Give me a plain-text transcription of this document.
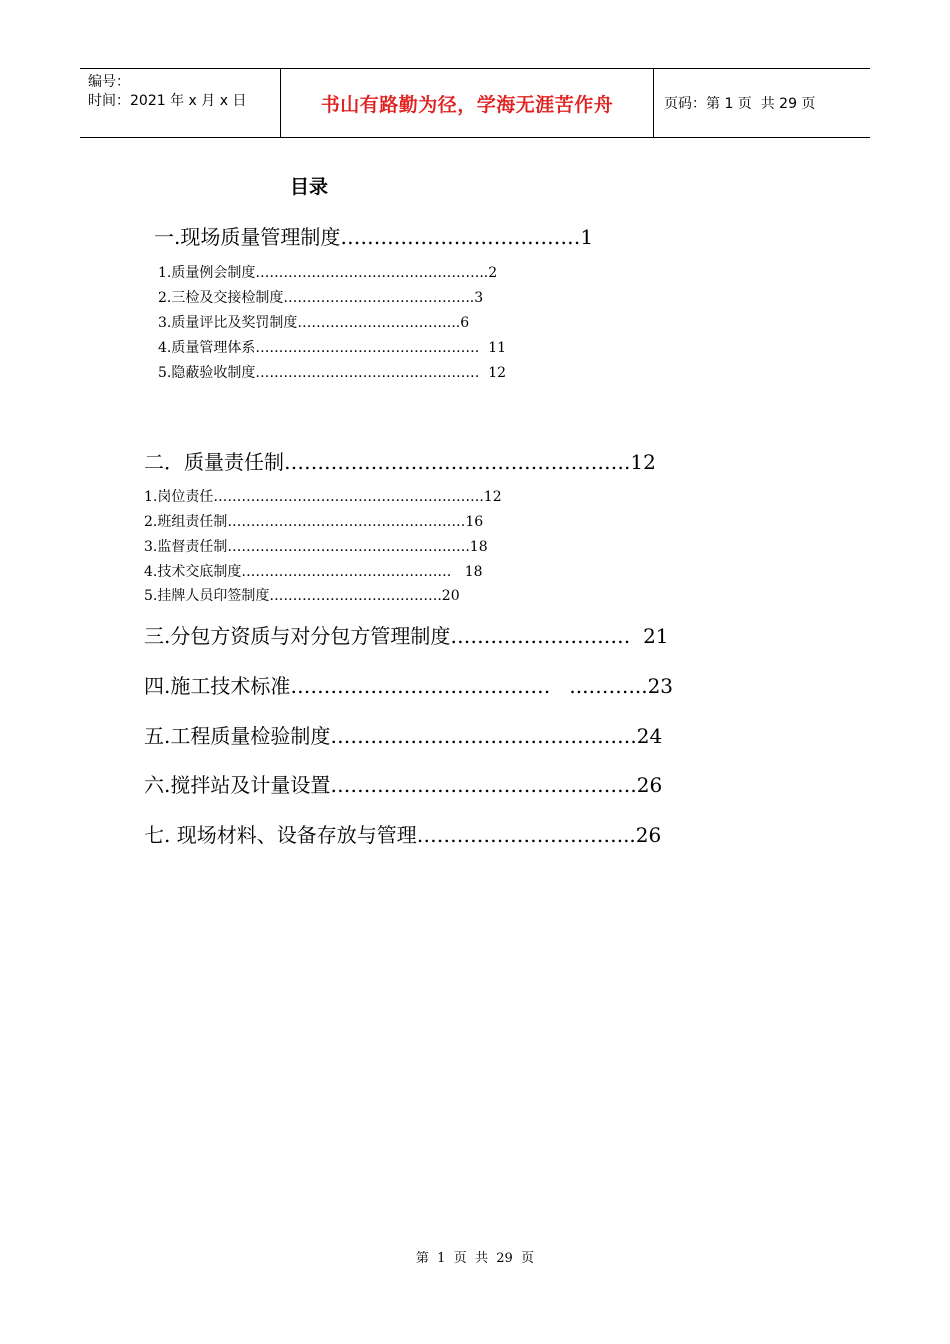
编号：
时间：2021 年 x 月 x 日	书山有路勤为径，学海无涯苦作舟	页码：第 1 页  共 29 页
目录
一.现场质量管理制度………………………………1
1.质量例会制度…………………………………………..2
2.三检及交接检制度…………………………………..3
3.质量评比及奖罚制度……………………………..6
4.质量管理体系…………………………………………  11
5.隐蔽验收制度…………………………………………  12
二．质量责任制…………………………………………….12
1.岗位责任………………………………………………….12
2.班组责任制……………………………………………16
3.监督责任制…………………………………………….18
4.技术交底制度………………………………………   18
5.挂牌人员印签制度……………………………….20
三.分包方资质与对分包方管理制度………………………  21
四.施工技术标准…………………………………   ...……...23
五.工程质量检验制度……………………………………….24
六.搅拌站及计量设置……………………………………….26
七. 现场材料、设备存放与管理…………………………...26
第  1  页  共  29  页
